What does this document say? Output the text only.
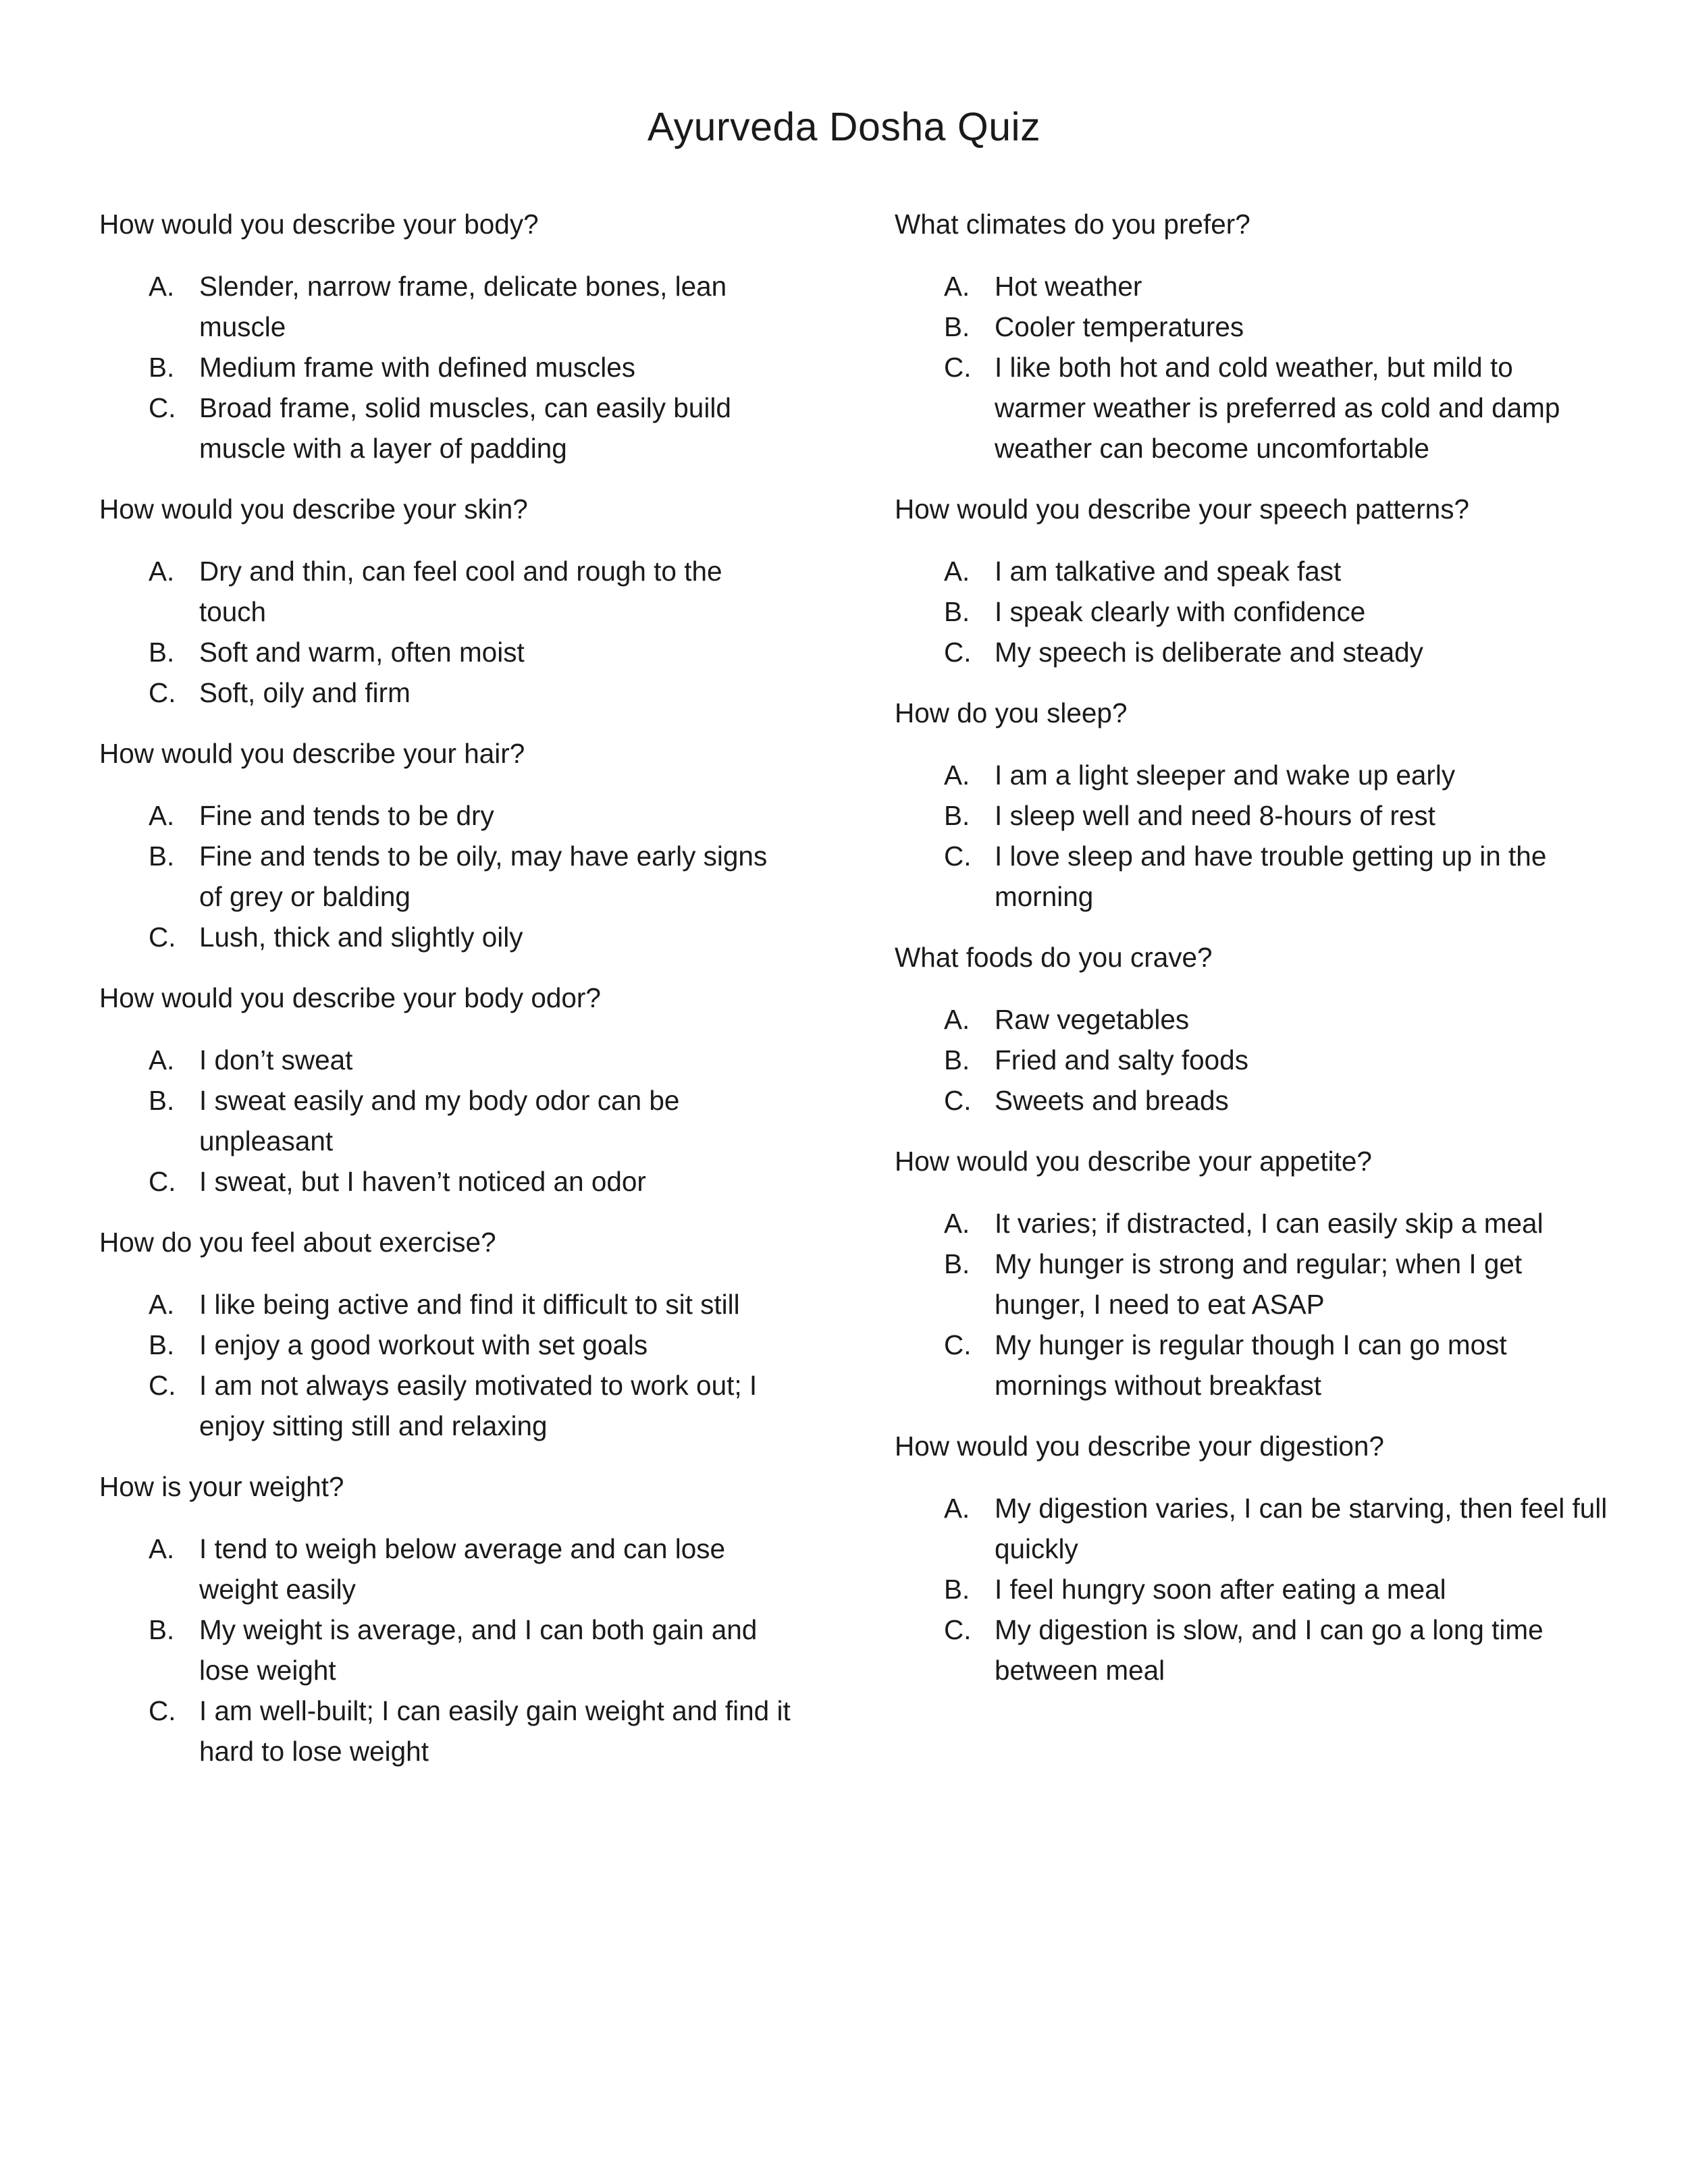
Ayurveda Dosha Quiz
How would you describe your body?
A. Slender, narrow frame, delicate bones, lean muscle
B. Medium frame with defined muscles
C. Broad frame, solid muscles, can easily build muscle with a layer of padding
How would you describe your skin?
A. Dry and thin, can feel cool and rough to the touch
B. Soft and warm, often moist
C. Soft, oily and firm
How would you describe your hair?
A. Fine and tends to be dry
B. Fine and tends to be oily, may have early signs of grey or balding
C. Lush, thick and slightly oily
How would you describe your body odor?
A. I don’t sweat
B. I sweat easily and my body odor can be unpleasant
C. I sweat, but I haven’t noticed an odor
How do you feel about exercise?
A. I like being active and find it difficult to sit still
B. I enjoy a good workout with set goals
C. I am not always easily motivated to work out; I enjoy sitting still and relaxing
How is your weight?
A. I tend to weigh below average and can lose weight easily
B. My weight is average, and I can both gain and lose weight
C. I am well-built; I can easily gain weight and find it hard to lose weight
What climates do you prefer?
A. Hot weather
B. Cooler temperatures
C. I like both hot and cold weather, but mild to warmer weather is preferred as cold and damp weather can become uncomfortable
How would you describe your speech patterns?
A. I am talkative and speak fast
B. I speak clearly with confidence
C. My speech is deliberate and steady
How do you sleep?
A. I am a light sleeper and wake up early
B. I sleep well and need 8-hours of rest
C. I love sleep and have trouble getting up in the morning
What foods do you crave?
A. Raw vegetables
B. Fried and salty foods
C. Sweets and breads
How would you describe your appetite?
A. It varies; if distracted, I can easily skip a meal
B. My hunger is strong and regular; when I get hunger, I need to eat ASAP
C. My hunger is regular though I can go most mornings without breakfast
How would you describe your digestion?
A. My digestion varies, I can be starving, then feel full quickly
B. I feel hungry soon after eating a meal
C. My digestion is slow, and I can go a long time between meal
